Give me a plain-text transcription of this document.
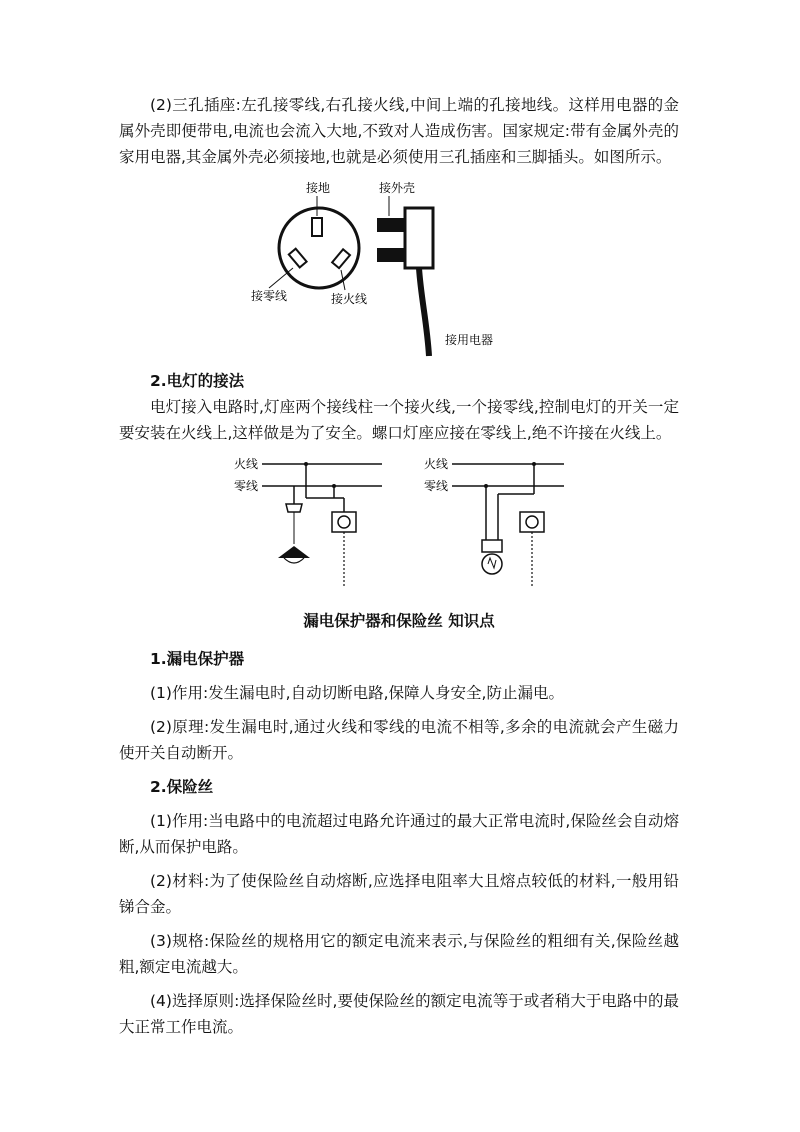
(2)三孔插座:左孔接零线,右孔接火线,中间上端的孔接地线。这样用电器的金属外壳即便带电,电流也会流入大地,不致对人造成伤害。国家规定:带有金属外壳的家用电器,其金属外壳必须接地,也就是必须使用三孔插座和三脚插头。如图所示。

接地
接零线	接火线
接外壳
接用电器

2.电灯的接法

电灯接入电路时,灯座两个接线柱一个接火线,一个接零线,控制电灯的开关一定要安装在火线上,这样做是为了安全。螺口灯座应接在零线上,绝不许接在火线上。

火线
零线
火线
零线

漏电保护器和保险丝 知识点

1.漏电保护器

(1)作用:发生漏电时,自动切断电路,保障人身安全,防止漏电。

(2)原理:发生漏电时,通过火线和零线的电流不相等,多余的电流就会产生磁力使开关自动断开。

2.保险丝

(1)作用:当电路中的电流超过电路允许通过的最大正常电流时,保险丝会自动熔断,从而保护电路。

(2)材料:为了使保险丝自动熔断,应选择电阻率大且熔点较低的材料,一般用铅锑合金。

(3)规格:保险丝的规格用它的额定电流来表示,与保险丝的粗细有关,保险丝越粗,额定电流越大。

(4)选择原则:选择保险丝时,要使保险丝的额定电流等于或者稍大于电路中的最大正常工作电流。
